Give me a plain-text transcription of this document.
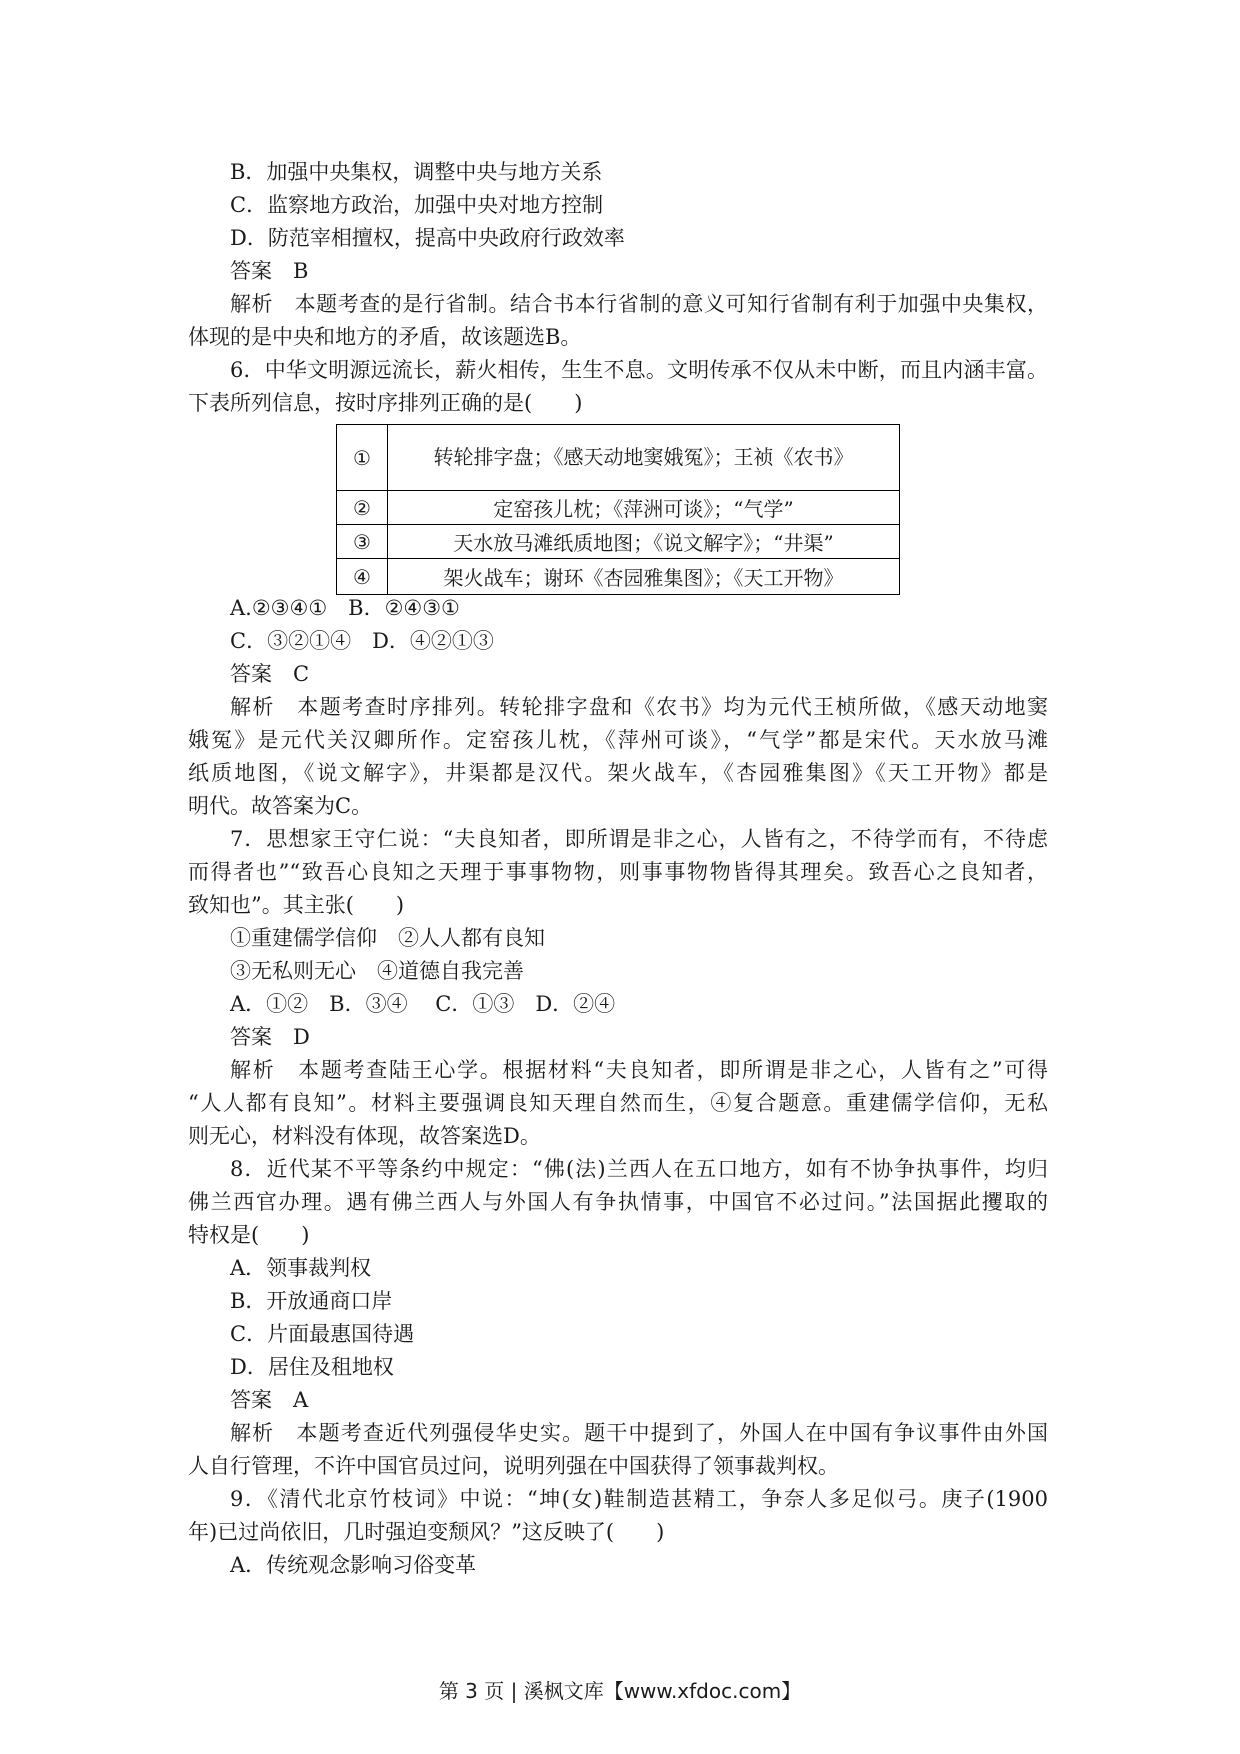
B．加强中央集权，调整中央与地方关系
C．监察地方政治，加强中央对地方控制
D．防范宰相擅权，提高中央政府行政效率
答案　B
解析　本题考查的是行省制。结合书本行省制的意义可知行省制有利于加强中央集权，
体现的是中央和地方的矛盾，故该题选B。
6．中华文明源远流长，薪火相传，生生不息。文明传承不仅从未中断，而且内涵丰富。
下表所列信息，按时序排列正确的是(　　)
①	转轮排字盘；《感天动地窦娥冤》；王祯《农书》
②	定窑孩儿枕；《萍洲可谈》；“气学”
③	天水放马滩纸质地图；《说文解字》；“井渠”
④	架火战车；谢环《杏园雅集图》；《天工开物》
A.②③④①　B．②④③①
C．③②①④　D．④②①③
答案　C
解析　本题考查时序排列。转轮排字盘和《农书》均为元代王桢所做，《感天动地窦
娥冤》是元代关汉卿所作。定窑孩儿枕，《萍州可谈》，“气学”都是宋代。天水放马滩
纸质地图，《说文解字》，井渠都是汉代。架火战车，《杏园雅集图》《天工开物》都是
明代。故答案为C。
7．思想家王守仁说：“夫良知者，即所谓是非之心，人皆有之，不待学而有，不待虑
而得者也”“致吾心良知之天理于事事物物，则事事物物皆得其理矣。致吾心之良知者，
致知也”。其主张(　　)
①重建儒学信仰　②人人都有良知
③无私则无心　④道德自我完善
A．①②　B．③④　 C．①③　D．②④
答案　D
解析　本题考查陆王心学。根据材料“夫良知者，即所谓是非之心，人皆有之”可得
“人人都有良知”。材料主要强调良知天理自然而生，④复合题意。重建儒学信仰，无私
则无心，材料没有体现，故答案选D。
8．近代某不平等条约中规定：“佛(法)兰西人在五口地方，如有不协争执事件，均归
佛兰西官办理。遇有佛兰西人与外国人有争执情事，中国官不必过问。”法国据此攫取的
特权是(　　)
A．领事裁判权
B．开放通商口岸
C．片面最惠国待遇
D．居住及租地权
答案　A
解析　本题考查近代列强侵华史实。题干中提到了，外国人在中国有争议事件由外国
人自行管理，不许中国官员过问，说明列强在中国获得了领事裁判权。
9．《清代北京竹枝词》中说：“坤(女)鞋制造甚精工，争奈人多足似弓。庚子(1900
年)已过尚依旧，几时强迫变颓风？”这反映了(　　)
A．传统观念影响习俗变革
第 3 页 | 溪枫文库【www.xfdoc.com】
